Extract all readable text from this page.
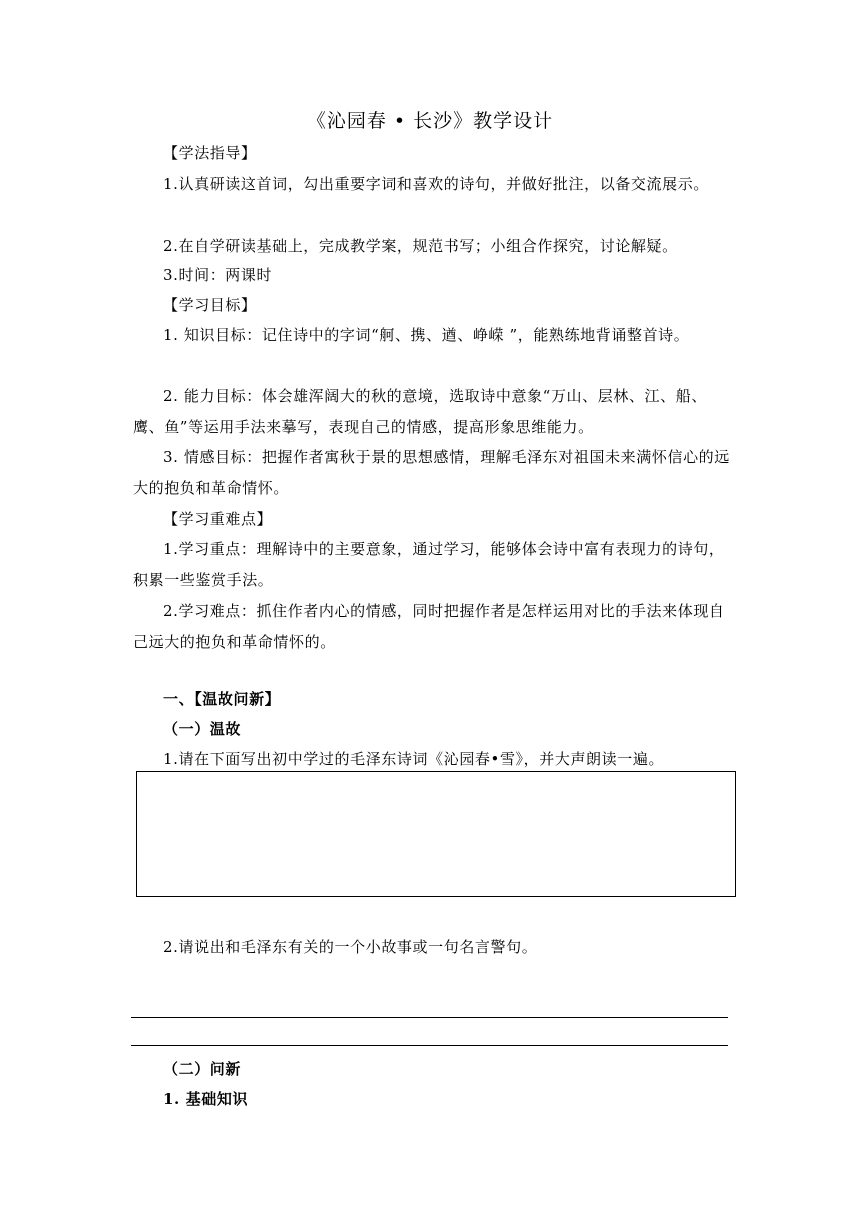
《沁园春 • 长沙》教学设计
【学法指导】
1.认真研读这首词，勾出重要字词和喜欢的诗句，并做好批注，以备交流展示。
2.在自学研读基础上，完成教学案，规范书写；小组合作探究，讨论解疑。
3.时间：两课时
【学习目标】
1. 知识目标：记住诗中的字词“舸、携、遒、峥嵘 ”，能熟练地背诵整首诗。
2. 能力目标：体会雄浑阔大的秋的意境，选取诗中意象“万山、层林、江、船、鹰、鱼”等运用手法来摹写，表现自己的情感，提高形象思维能力。
3. 情感目标：把握作者寓秋于景的思想感情，理解毛泽东对祖国未来满怀信心的远大的抱负和革命情怀。
【学习重难点】
1.学习重点：理解诗中的主要意象，通过学习，能够体会诗中富有表现力的诗句，积累一些鉴赏手法。
2.学习难点：抓住作者内心的情感，同时把握作者是怎样运用对比的手法来体现自己远大的抱负和革命情怀的。
一、【温故问新】
（一）温故
1.请在下面写出初中学过的毛泽东诗词《沁园春•雪》，并大声朗读一遍。
2.请说出和毛泽东有关的一个小故事或一句名言警句。
（二）问新
1. 基础知识
